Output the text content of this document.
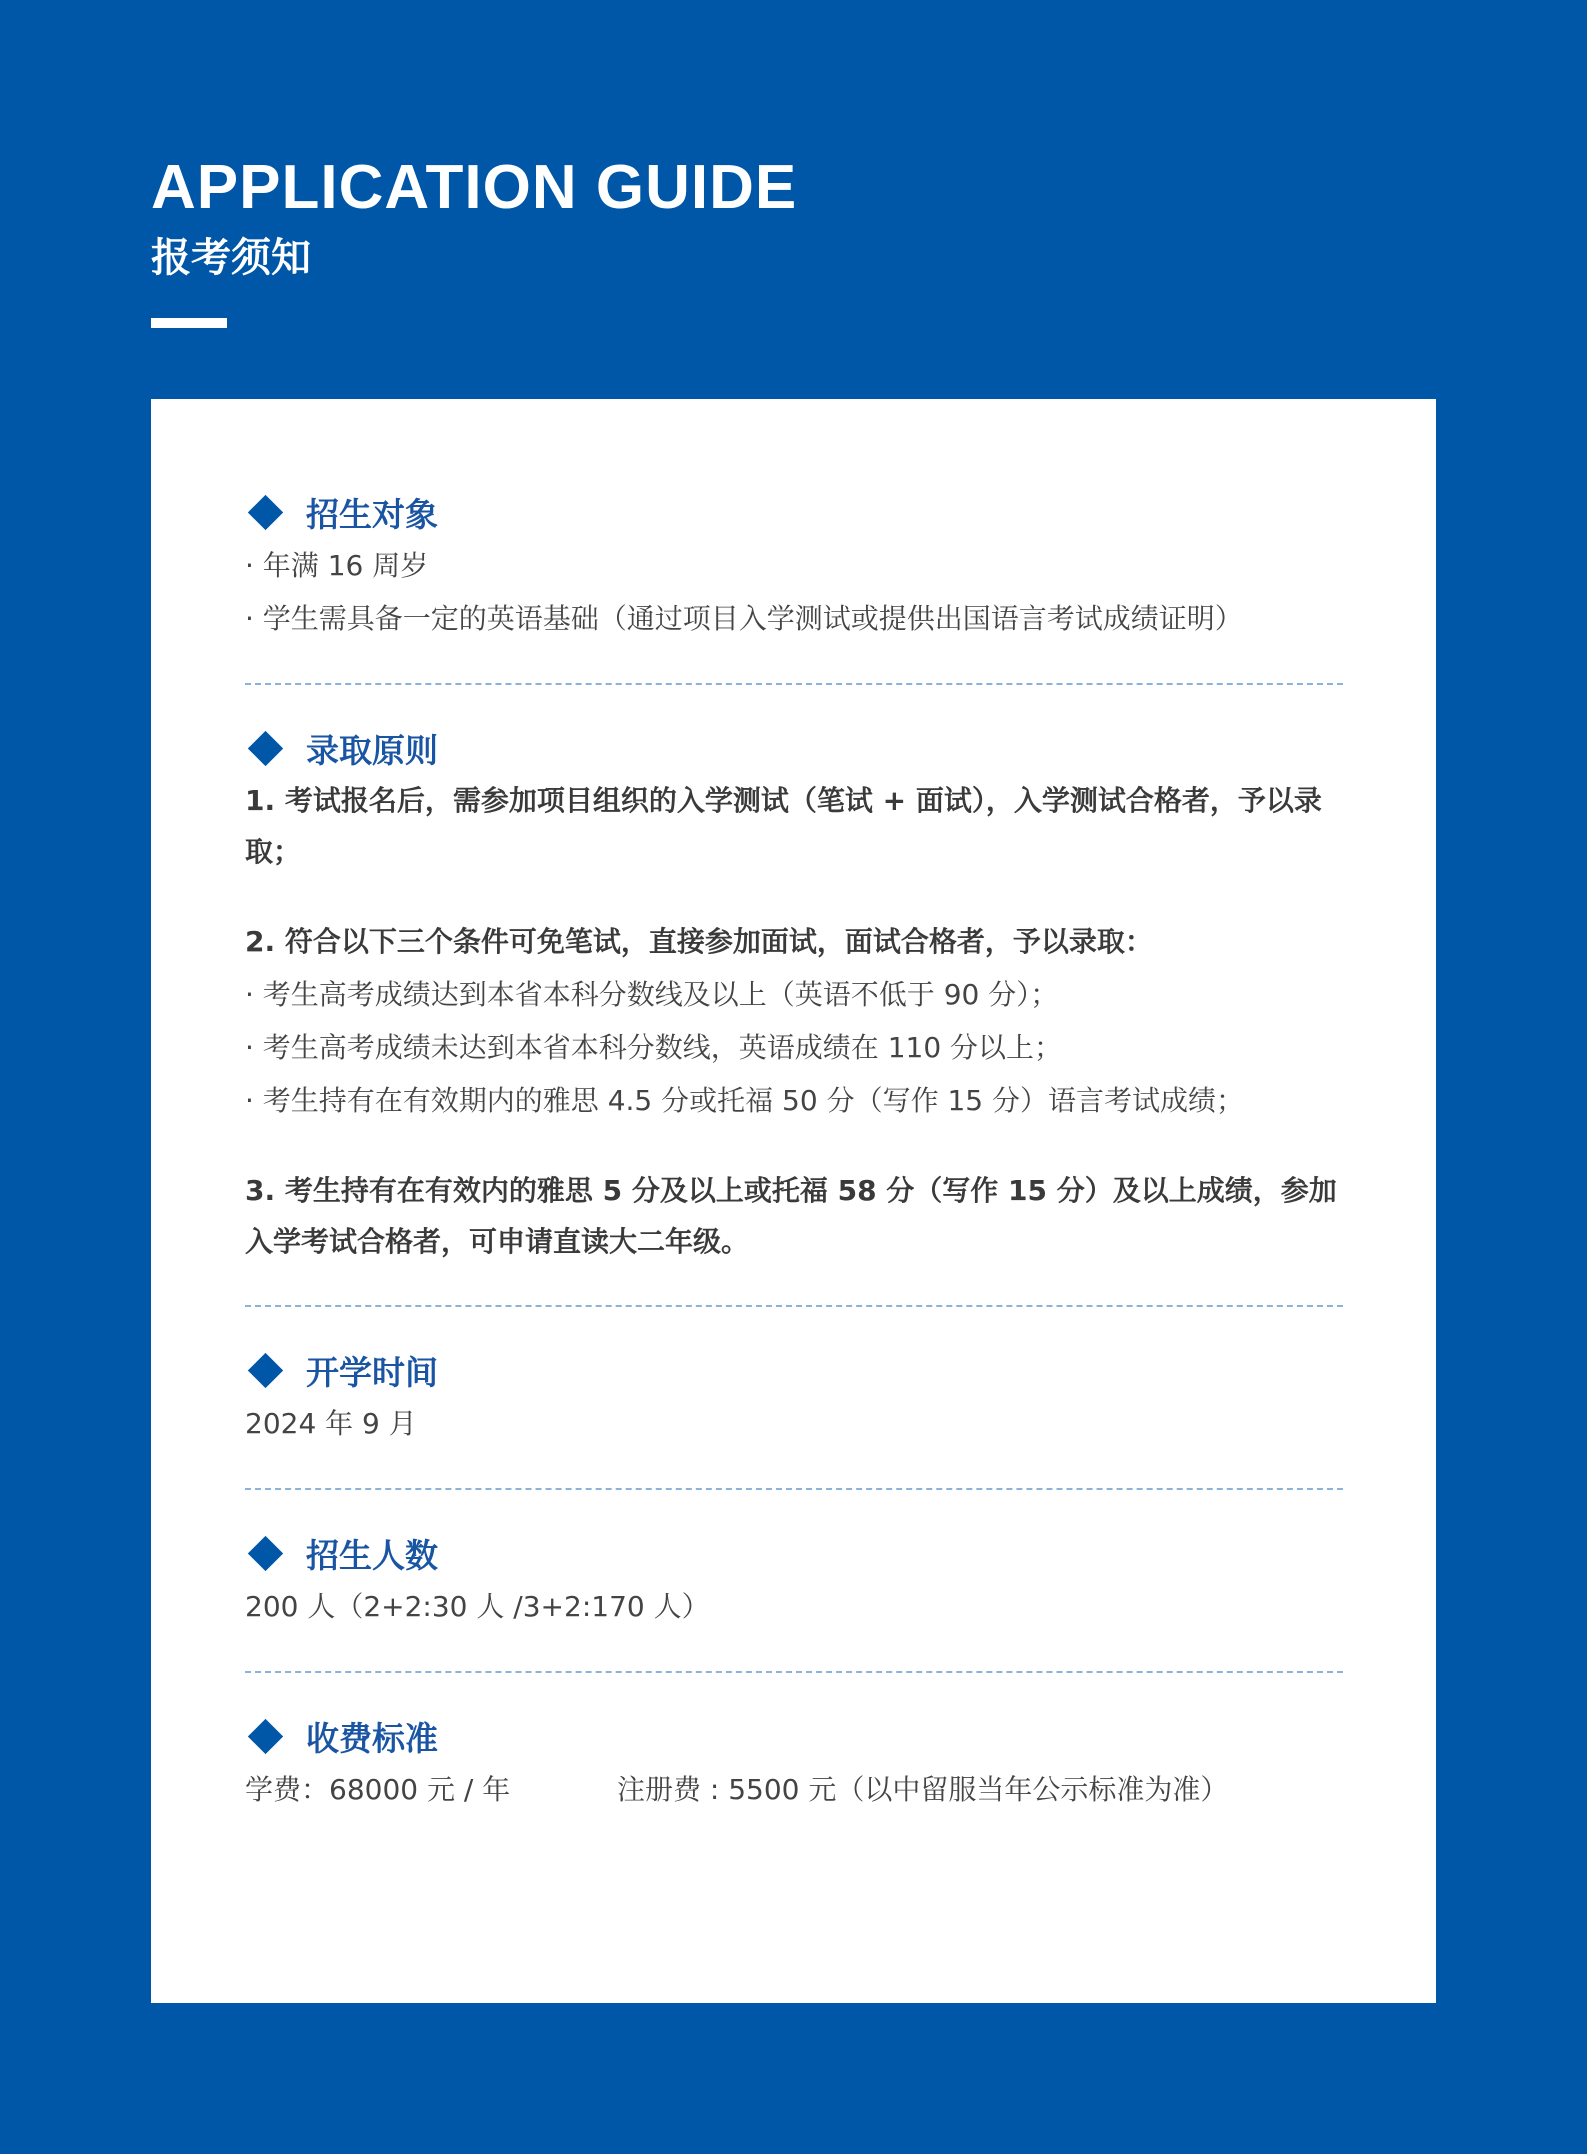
APPLICATION GUIDE
报考须知
招生对象
· 年满 16 周岁
· 学生需具备一定的英语基础（通过项目入学测试或提供出国语言考试成绩证明）
录取原则
1. 考试报名后，需参加项目组织的入学测试（笔试 + 面试），入学测试合格者，予以录取；
2. 符合以下三个条件可免笔试，直接参加面试，面试合格者，予以录取：
· 考生高考成绩达到本省本科分数线及以上（英语不低于 90 分）；
· 考生高考成绩未达到本省本科分数线，英语成绩在 110 分以上；
· 考生持有在有效期内的雅思 4.5 分或托福 50 分（写作 15 分）语言考试成绩；
3. 考生持有在有效内的雅思 5 分及以上或托福 58 分（写作 15 分）及以上成绩，参加入学考试合格者，可申请直读大二年级。
开学时间
2024 年 9 月
招生人数
200 人（2+2:30 人 /3+2:170 人）
收费标准
学费：68000 元 / 年	注册费 : 5500 元（以中留服当年公示标准为准）
